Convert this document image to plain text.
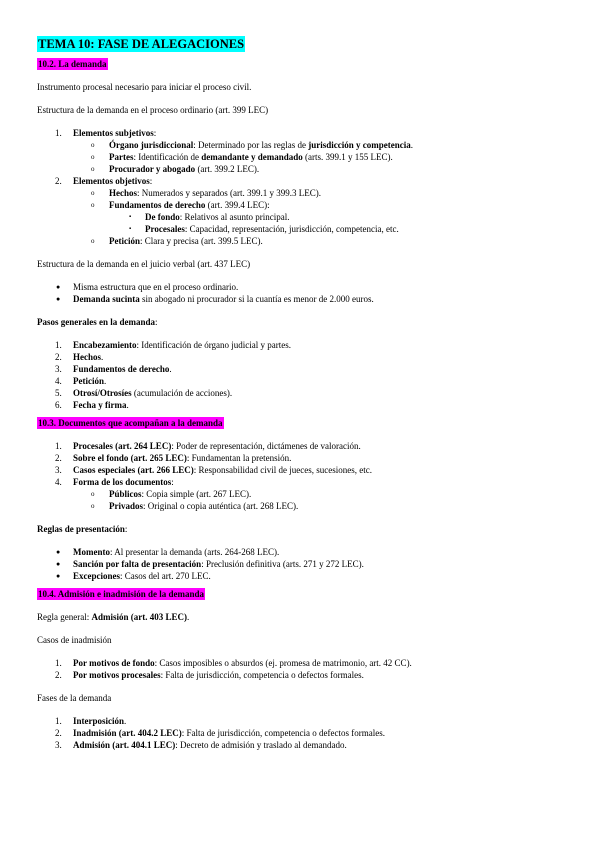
TEMA 10: FASE DE ALEGACIONES
10.2. La demanda

Instrumento procesal necesario para iniciar el proceso civil.

Estructura de la demanda en el proceso ordinario (art. 399 LEC)

1. Elementos subjetivos:
o Órgano jurisdiccional: Determinado por las reglas de jurisdicción y competencia.
o Partes: Identificación de demandante y demandado (arts. 399.1 y 155 LEC).
o Procurador y abogado (art. 399.2 LEC).
2. Elementos objetivos:
o Hechos: Numerados y separados (art. 399.1 y 399.3 LEC).
o Fundamentos de derecho (art. 399.4 LEC):
▪ De fondo: Relativos al asunto principal.
▪ Procesales: Capacidad, representación, jurisdicción, competencia, etc.
o Petición: Clara y precisa (art. 399.5 LEC).

Estructura de la demanda en el juicio verbal (art. 437 LEC)

● Misma estructura que en el proceso ordinario.
● Demanda sucinta sin abogado ni procurador si la cuantía es menor de 2.000 euros.

Pasos generales en la demanda:

1. Encabezamiento: Identificación de órgano judicial y partes.
2. Hechos.
3. Fundamentos de derecho.
4. Petición.
5. Otrosí/Otrosíes (acumulación de acciones).
6. Fecha y firma.
10.3. Documentos que acompañan a la demanda
1. Procesales (art. 264 LEC): Poder de representación, dictámenes de valoración.
2. Sobre el fondo (art. 265 LEC): Fundamentan la pretensión.
3. Casos especiales (art. 266 LEC): Responsabilidad civil de jueces, sucesiones, etc.
4. Forma de los documentos:
o Públicos: Copia simple (art. 267 LEC).
o Privados: Original o copia auténtica (art. 268 LEC).

Reglas de presentación:

● Momento: Al presentar la demanda (arts. 264-268 LEC).
● Sanción por falta de presentación: Preclusión definitiva (arts. 271 y 272 LEC).
● Excepciones: Casos del art. 270 LEC.
10.4. Admisión e inadmisión de la demanda

Regla general: Admisión (art. 403 LEC).

Casos de inadmisión

1. Por motivos de fondo: Casos imposibles o absurdos (ej. promesa de matrimonio, art. 42 CC).
2. Por motivos procesales: Falta de jurisdicción, competencia o defectos formales.

Fases de la demanda

1. Interposición.
2. Inadmisión (art. 404.2 LEC): Falta de jurisdicción, competencia o defectos formales.
3. Admisión (art. 404.1 LEC): Decreto de admisión y traslado al demandado.
